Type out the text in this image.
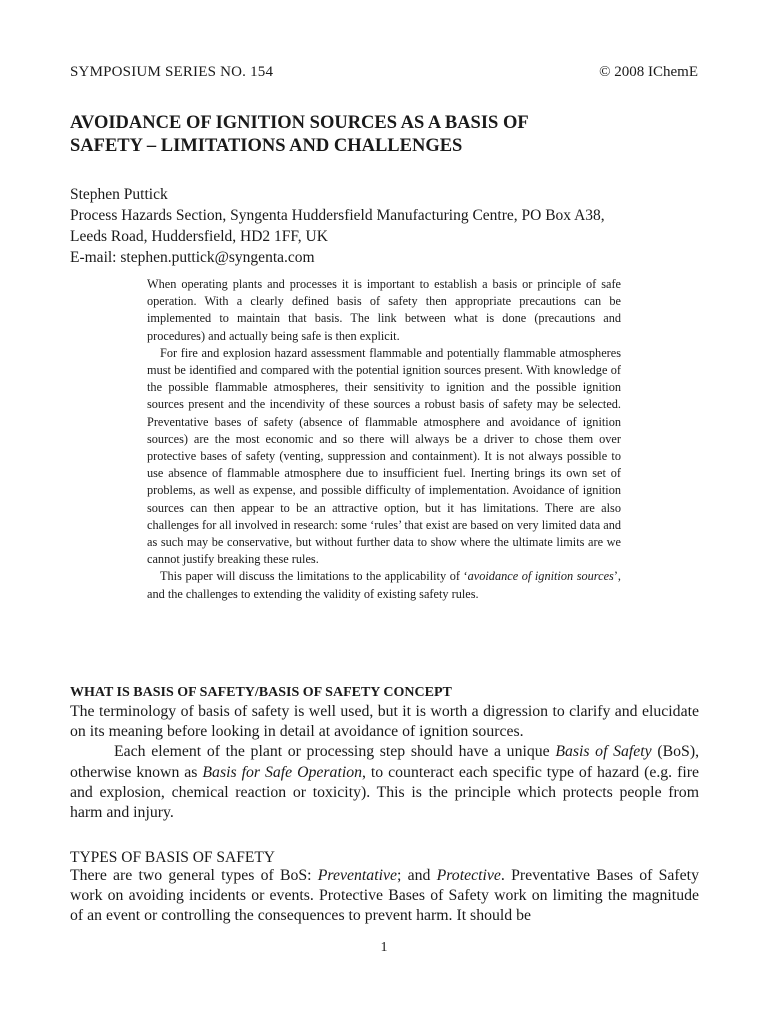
SYMPOSIUM SERIES NO. 154	© 2008 IChemE
AVOIDANCE OF IGNITION SOURCES AS A BASIS OF
SAFETY – LIMITATIONS AND CHALLENGES
Stephen Puttick
Process Hazards Section, Syngenta Huddersfield Manufacturing Centre, PO Box A38,
Leeds Road, Huddersfield, HD2 1FF, UK
E-mail: stephen.puttick@syngenta.com

When operating plants and processes it is important to establish a basis or principle of safe operation. With a clearly defined basis of safety then appropriate precautions can be implemented to maintain that basis. The link between what is done (precautions and procedures) and actually being safe is then explicit.

For fire and explosion hazard assessment flammable and potentially flammable atmospheres must be identified and compared with the potential ignition sources present. With knowledge of the possible flammable atmospheres, their sensitivity to ignition and the possible ignition sources present and the incendivity of these sources a robust basis of safety may be selected. Preventative bases of safety (absence of flammable atmosphere and avoidance of ignition sources) are the most economic and so there will always be a driver to chose them over protective bases of safety (venting, suppression and containment). It is not always possible to use absence of flammable atmosphere due to insufficient fuel. Inerting brings its own set of problems, as well as expense, and possible difficulty of implementation. Avoidance of ignition sources can then appear to be an attractive option, but it has limitations. There are also challenges for all involved in research: some ‘rules’ that exist are based on very limited data and as such may be conservative, but without further data to show where the ultimate limits are we cannot justify breaking these rules.

This paper will discuss the limitations to the applicability of ‘avoidance of ignition sources’, and the challenges to extending the validity of existing safety rules.

WHAT IS BASIS OF SAFETY/BASIS OF SAFETY CONCEPT

The terminology of basis of safety is well used, but it is worth a digression to clarify and elucidate on its meaning before looking in detail at avoidance of ignition sources.

Each element of the plant or processing step should have a unique Basis of Safety (BoS), otherwise known as Basis for Safe Operation, to counteract each specific type of hazard (e.g. fire and explosion, chemical reaction or toxicity). This is the principle which protects people from harm and injury.

TYPES OF BASIS OF SAFETY

There are two general types of BoS: Preventative; and Protective. Preventative Bases of Safety work on avoiding incidents or events. Protective Bases of Safety work on limiting the magnitude of an event or controlling the consequences to prevent harm. It should be

1
